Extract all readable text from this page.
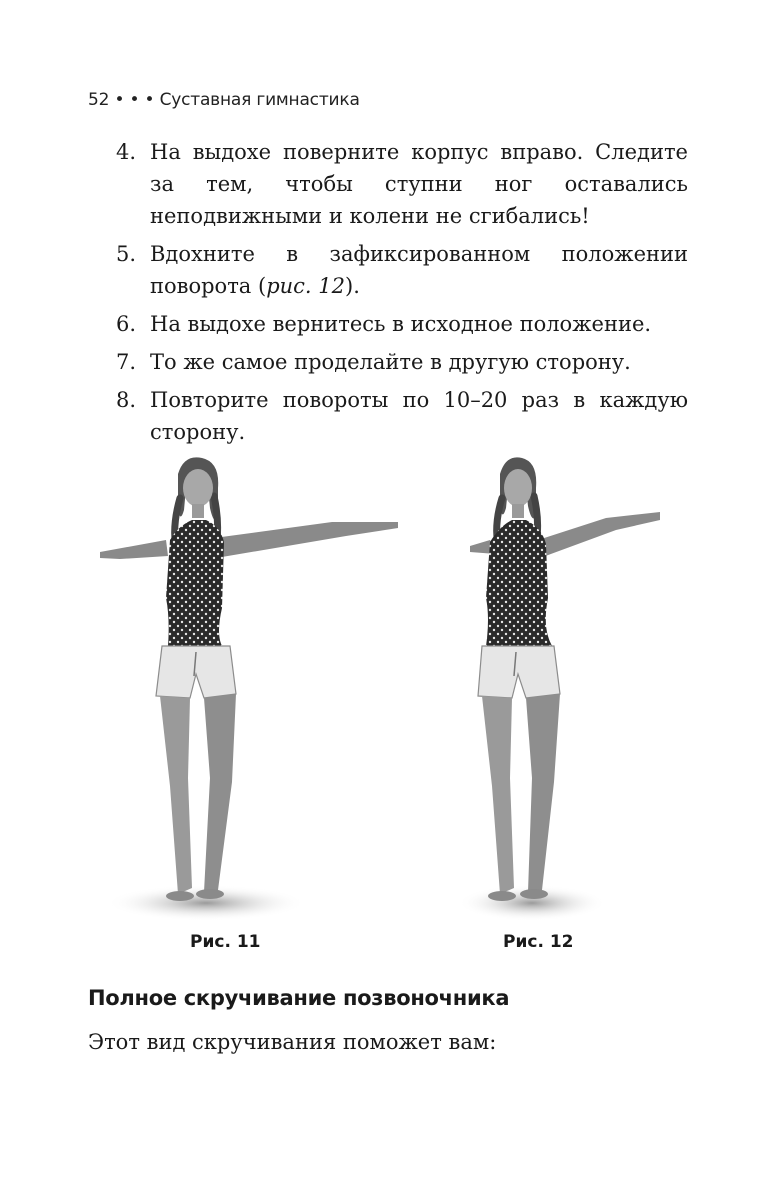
52 • • • Суставная гимнастика
4. На выдохе поверните корпус вправо. Следите за тем, чтобы ступни ног оставались неподвижными и колени не сгибались!
5. Вдохните в зафиксированном положении поворота (рис. 12).
6. На выдохе вернитесь в исходное положение.
7. То же самое проделайте в другую сторону.
8. Повторите повороты по 10–20 раз в каждую сторону.
Рис. 11	Рис. 12
Полное скручивание позвоночника
Этот вид скручивания поможет вам:
